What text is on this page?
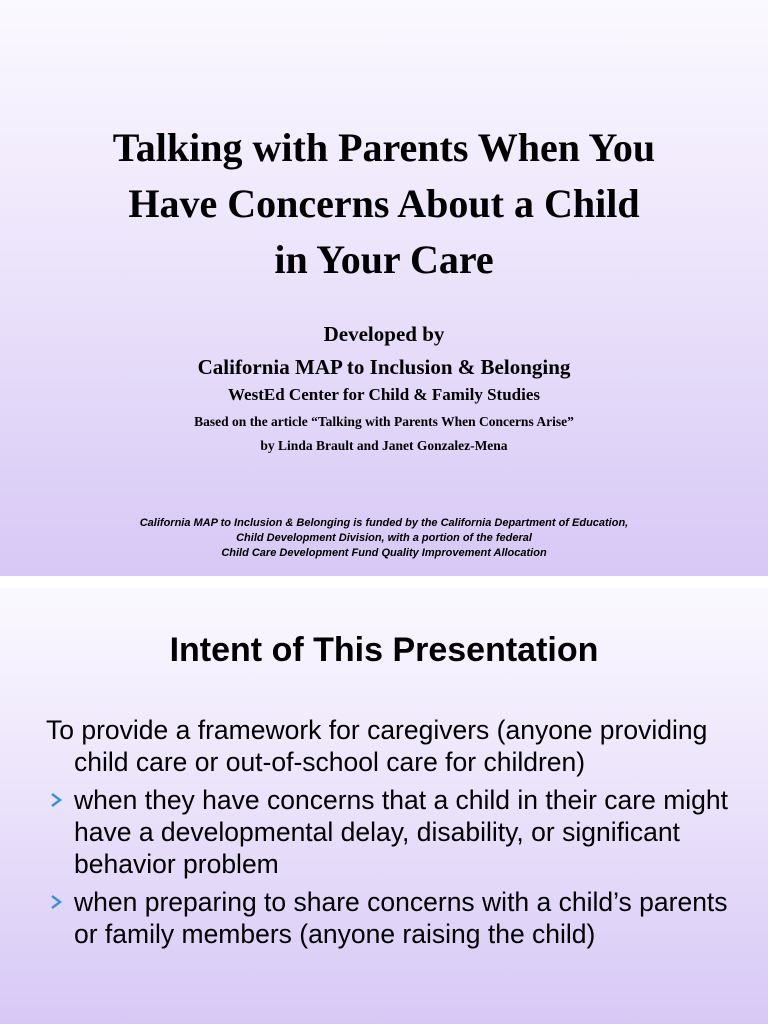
Talking with Parents When You
Have Concerns About a Child
in Your Care
Developed by
California MAP to Inclusion & Belonging
WestEd Center for Child & Family Studies
Based on the article “Talking with Parents When Concerns Arise”
by Linda Brault and Janet Gonzalez-Mena
California MAP to Inclusion & Belonging is funded by the California Department of Education,
Child Development Division, with a portion of the federal
Child Care Development Fund Quality Improvement Allocation
Intent of This Presentation

To provide a framework for caregivers (anyone providing child care or out-of-school care for children)

when they have concerns that a child in their care might have a developmental delay, disability, or significant behavior problem
when preparing to share concerns with a child’s parents or family members (anyone raising the child)
